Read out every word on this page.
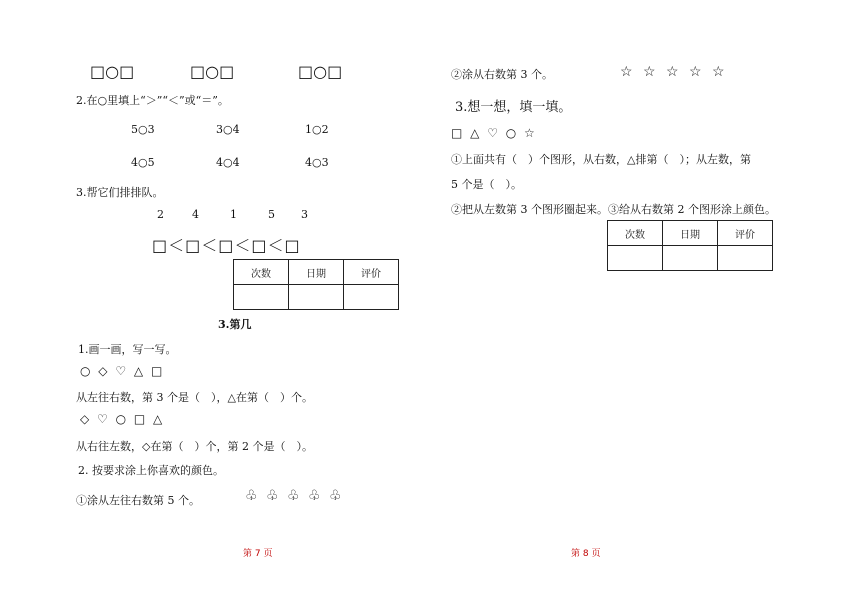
□○□	□○□	□○□
2.在○里填上“＞”“＜”或“＝”。
5○3	3○4	1○2
4○5	4○4	4○3
3.帮它们排排队。
2	4	1	5 3
□＜□＜□＜□＜□
次数	日期	评价

3.第几
1.画一画，写一写。
○ ◇ ♡ △ □
从左往右数，第 3 个是（　），△在第（　）个。
◇ ♡ ○ □ △
从右往左数，◇在第（　）个，第 2 个是（　）。
2. 按要求涂上你喜欢的颜色。
①涂从左往右数第 5 个。	♧ ♧ ♧ ♧ ♧
第 7 页
②涂从右数第 3 个。	☆ ☆ ☆ ☆ ☆
3.想一想，填一填。
□ △ ♡ ○ ☆
①上面共有（　）个图形，从右数，△排第（　）；从左数，第
5 个是（　）。
②把从左数第 3 个图形圈起来。③给从右数第 2 个图形涂上颜色。
次数	日期	评价

第 8 页
